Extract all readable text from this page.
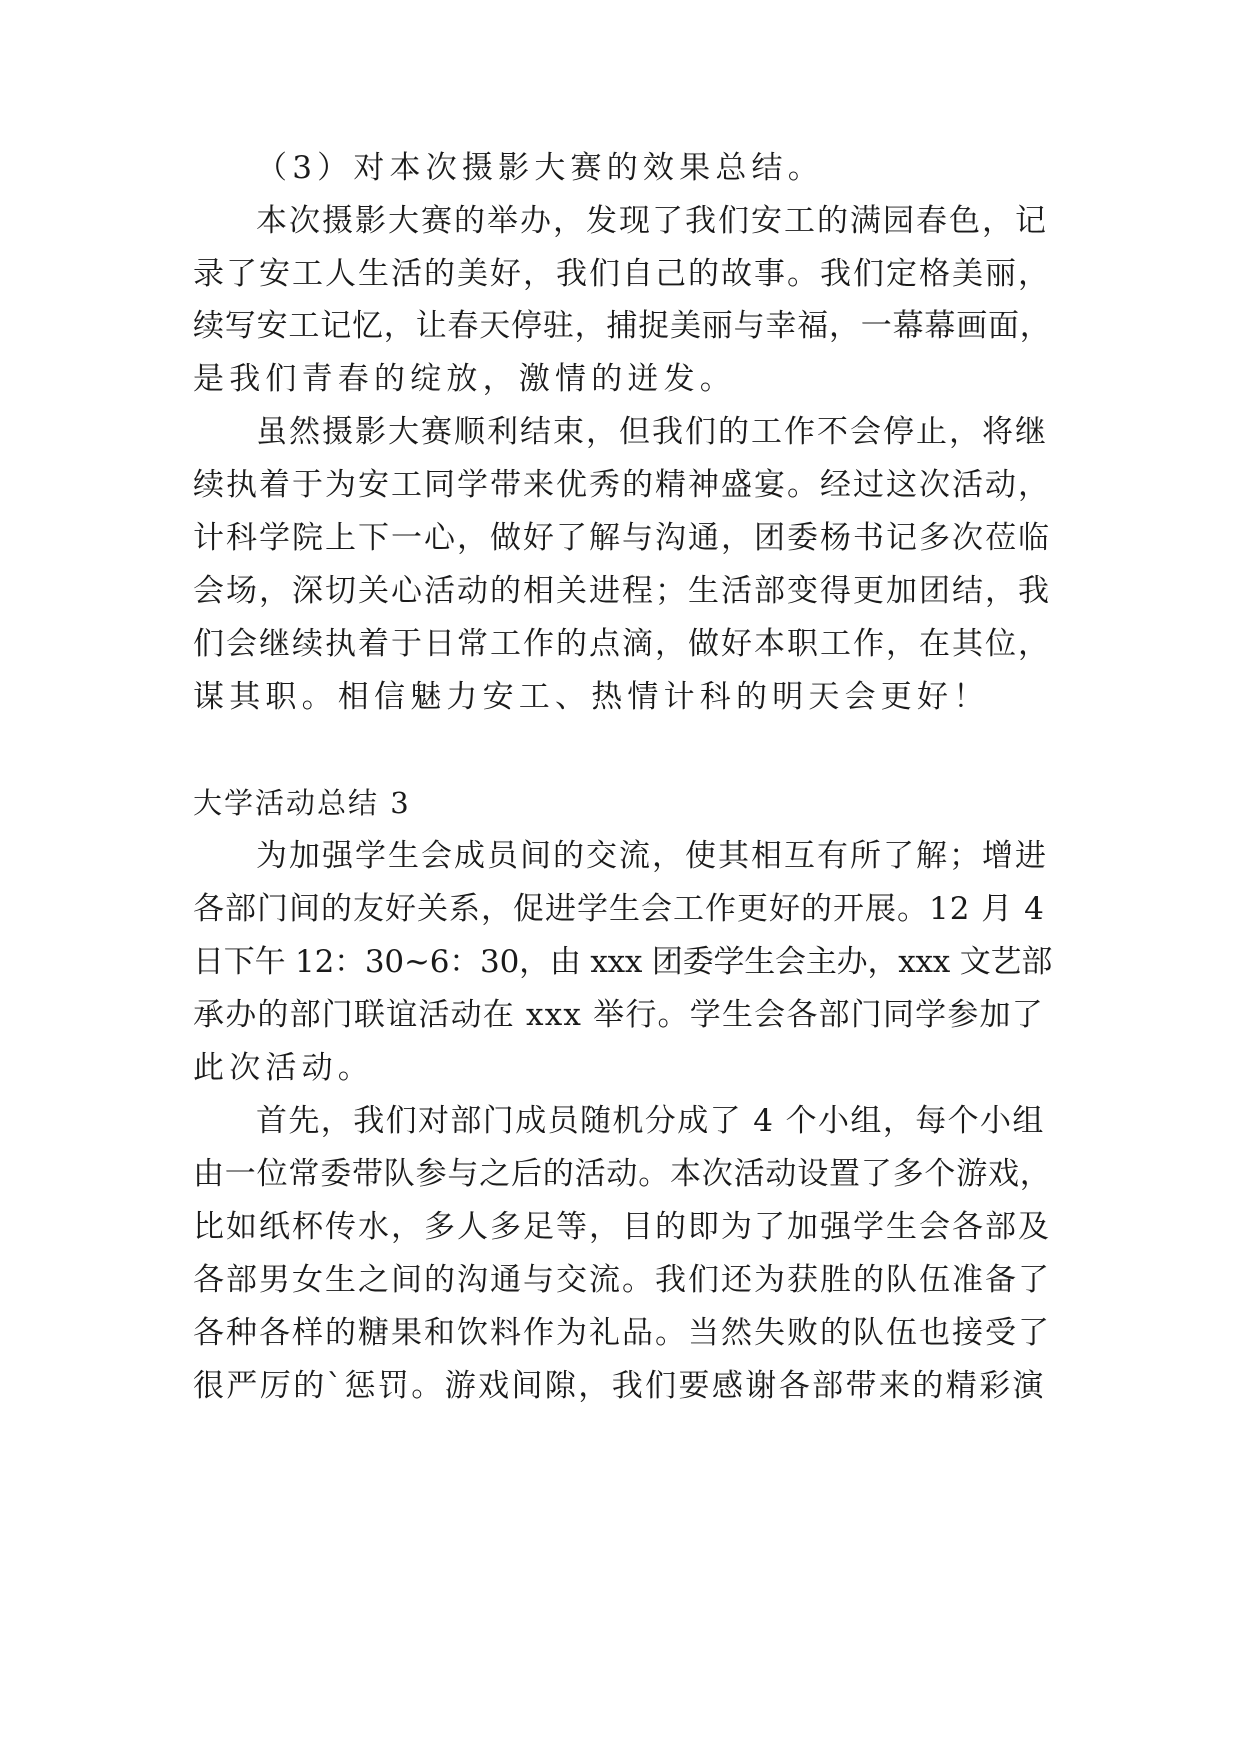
（3）对本次摄影大赛的效果总结。
本次摄影大赛的举办，发现了我们安工的满园春色，记
录了安工人生活的美好，我们自己的故事。我们定格美丽，
续写安工记忆，让春天停驻，捕捉美丽与幸福，一幕幕画面，
是我们青春的绽放，激情的迸发。
虽然摄影大赛顺利结束，但我们的工作不会停止，将继
续执着于为安工同学带来优秀的精神盛宴。经过这次活动，
计科学院上下一心，做好了解与沟通，团委杨书记多次莅临
会场，深切关心活动的相关进程；生活部变得更加团结，我
们会继续执着于日常工作的点滴，做好本职工作，在其位，
谋其职。相信魅力安工、热情计科的明天会更好！
大学活动总结 3
为加强学生会成员间的交流，使其相互有所了解；增进
各部门间的友好关系，促进学生会工作更好的开展。12 月 4
日下午 12：30~6：30，由 xxx 团委学生会主办，xxx 文艺部
承办的部门联谊活动在 xxx 举行。学生会各部门同学参加了
此次活动。
首先，我们对部门成员随机分成了 4 个小组，每个小组
由一位常委带队参与之后的活动。本次活动设置了多个游戏，
比如纸杯传水，多人多足等，目的即为了加强学生会各部及
各部男女生之间的沟通与交流。我们还为获胜的队伍准备了
各种各样的糖果和饮料作为礼品。当然失败的队伍也接受了
很严厉的`惩罚。游戏间隙，我们要感谢各部带来的精彩演
